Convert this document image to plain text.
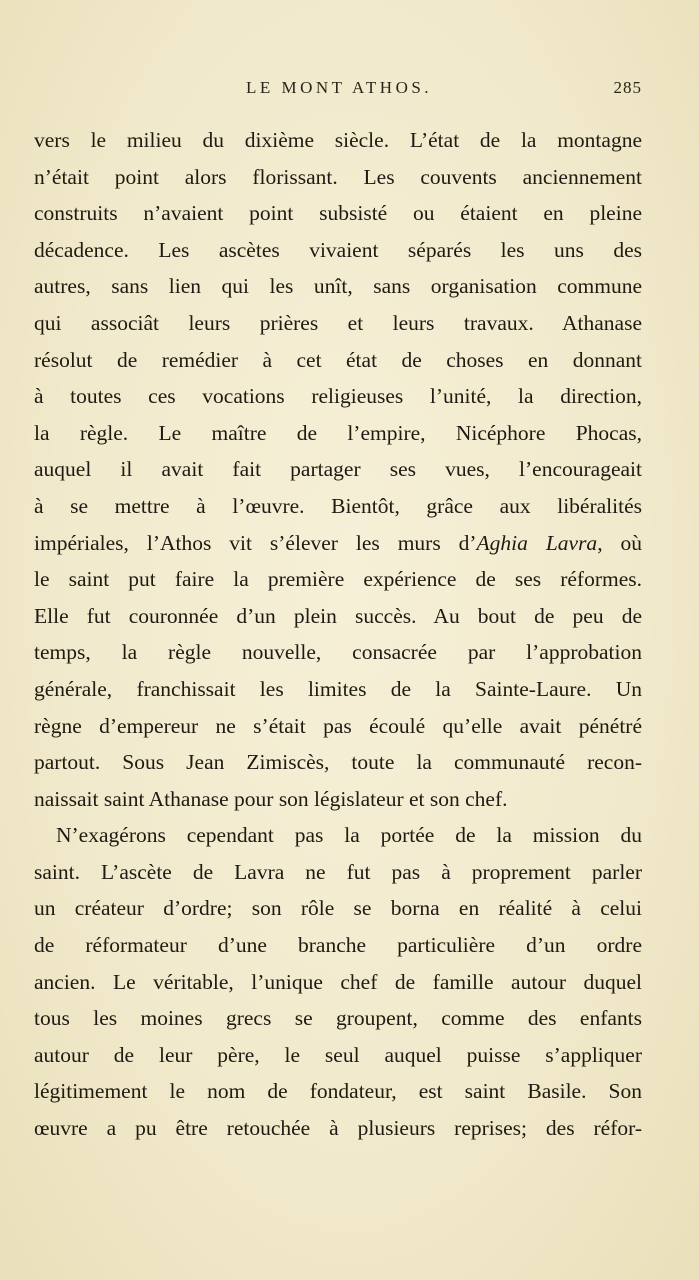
LE MONT ATHOS.	285
vers le milieu du dixième siècle. L’état de la montagne
n’était point alors florissant. Les couvents anciennement
construits n’avaient point subsisté ou étaient en pleine
décadence. Les ascètes vivaient séparés les uns des
autres, sans lien qui les unît, sans organisation commune
qui associât leurs prières et leurs travaux. Athanase
résolut de remédier à cet état de choses en donnant
à toutes ces vocations religieuses l’unité, la direction,
la règle. Le maître de l’empire, Nicéphore Phocas,
auquel il avait fait partager ses vues, l’encourageait
à se mettre à l’œuvre. Bientôt, grâce aux libéralités
impériales, l’Athos vit s’élever les murs d’Aghia Lavra, où
le saint put faire la première expérience de ses réformes.
Elle fut couronnée d’un plein succès. Au bout de peu de
temps, la règle nouvelle, consacrée par l’approbation
générale, franchissait les limites de la Sainte-Laure. Un
règne d’empereur ne s’était pas écoulé qu’elle avait pénétré
partout. Sous Jean Zimiscès, toute la communauté recon-
naissait saint Athanase pour son législateur et son chef.
N’exagérons cependant pas la portée de la mission du
saint. L’ascète de Lavra ne fut pas à proprement parler
un créateur d’ordre; son rôle se borna en réalité à celui
de réformateur d’une branche particulière d’un ordre
ancien. Le véritable, l’unique chef de famille autour duquel
tous les moines grecs se groupent, comme des enfants
autour de leur père, le seul auquel puisse s’appliquer
légitimement le nom de fondateur, est saint Basile. Son
œuvre a pu être retouchée à plusieurs reprises; des réfor-
